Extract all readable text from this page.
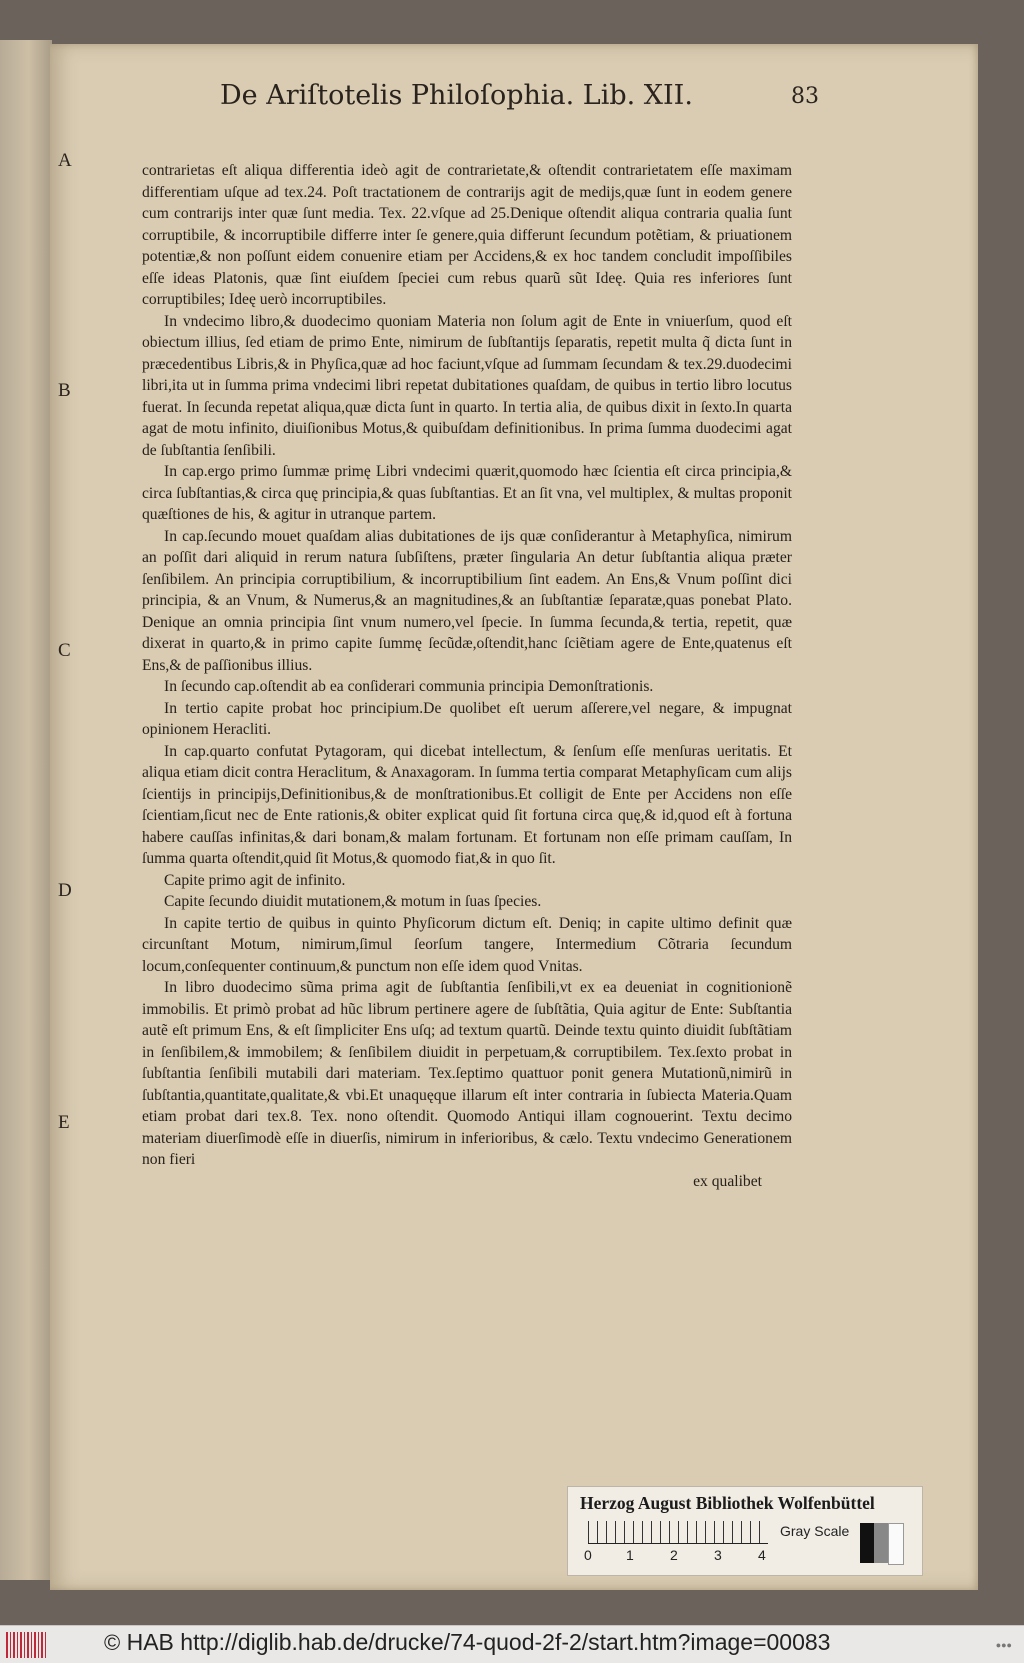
De Ariſtotelis Philoſophia. Lib. XII.	83
A
B
C
D
E

contrarietas eſt aliqua differentia ideò agit de contrarietate,& oſtendit contrarietatem eſſe maximam differentiam uſque ad tex.24. Poſt tractationem de contrarijs agit de medijs,quæ ſunt in eodem genere cum contrarijs inter quæ ſunt media. Tex. 22.vſque ad 25.Denique oſtendit aliqua contraria qualia ſunt corruptibile, & incorruptibile differre inter ſe genere,quia differunt ſecundum potẽtiam, & priuationem potentiæ,& non poſſunt eidem conuenire etiam per Accidens,& ex hoc tandem concludit impoſſibiles eſſe ideas Platonis, quæ ſint eiuſdem ſpeciei cum rebus quarũ sũt Ideę. Quia res inferiores ſunt corruptibiles; Ideę uerò incorruptibiles.

In vndecimo libro,& duodecimo quoniam Materia non ſolum agit de Ente in vniuerſum, quod eſt obiectum illius, ſed etiam de primo Ente, nimirum de ſubſtantijs ſeparatis, repetit multa q̃ dicta ſunt in præcedentibus Libris,& in Phyſica,quæ ad hoc faciunt,vſque ad ſummam ſecundam & tex.29.duodecimi libri,ita ut in ſumma prima vndecimi libri repetat dubitationes quaſdam, de quibus in tertio libro locutus fuerat. In ſecunda repetat aliqua,quæ dicta ſunt in quarto. In tertia alia, de quibus dixit in ſexto.In quarta agat de motu infinito, diuiſionibus Motus,& quibuſdam definitionibus. In prima ſumma duodecimi agat de ſubſtantia ſenſibili.

In cap.ergo primo ſummæ primę Libri vndecimi quærit,quomodo hæc ſcientia eſt circa principia,& circa ſubſtantias,& circa quę principia,& quas ſubſtantias. Et an ſit vna, vel multiplex, & multas proponit quæſtiones de his, & agitur in utranque partem.

In cap.ſecundo mouet quaſdam alias dubitationes de ijs quæ conſiderantur à Metaphyſica, nimirum an poſſit dari aliquid in rerum natura ſubſiſtens, præter ſingularia An detur ſubſtantia aliqua præter ſenſibilem. An principia corruptibilium, & incorruptibilium ſint eadem. An Ens,& Vnum poſſint dici principia, & an Vnum, & Numerus,& an magnitudines,& an ſubſtantiæ ſeparatæ,quas ponebat Plato. Denique an omnia principia ſint vnum numero,vel ſpecie. In ſumma ſecunda,& tertia, repetit, quæ dixerat in quarto,& in primo capite ſummę ſecũdæ,oſtendit,hanc ſciẽtiam agere de Ente,quatenus eſt Ens,& de paſſionibus illius.

In ſecundo cap.oſtendit ab ea conſiderari communia principia Demonſtrationis.

In tertio capite probat hoc principium.De quolibet eſt uerum aſſerere,vel negare, & impugnat opinionem Heracliti.

In cap.quarto confutat Pytagoram, qui dicebat intellectum, & ſenſum eſſe menſuras ueritatis. Et aliqua etiam dicit contra Heraclitum, & Anaxagoram. In ſumma tertia comparat Metaphyſicam cum alijs ſcientijs in principijs,Definitionibus,& de monſtrationibus.Et colligit de Ente per Accidens non eſſe ſcientiam,ſicut nec de Ente rationis,& obiter explicat quid ſit fortuna circa quę,& id,quod eſt à fortuna habere cauſſas infinitas,& dari bonam,& malam fortunam. Et fortunam non eſſe primam cauſſam, In ſumma quarta oſtendit,quid ſit Motus,& quomodo fiat,& in quo ſit.

Capite primo agit de infinito.

Capite ſecundo diuidit mutationem,& motum in ſuas ſpecies.

In capite tertio de quibus in quinto Phyſicorum dictum eſt. Deniq; in capite ultimo definit quæ circunſtant Motum, nimirum,ſimul ſeorſum tangere, Intermedium Cõtraria ſecundum locum,conſequenter continuum,& punctum non eſſe idem quod Vnitas.

In libro duodecimo sũma prima agit de ſubſtantia ſenſibili,vt ex ea deueniat in cognitionionẽ immobilis. Et primò probat ad hũc librum pertinere agere de ſubſtãtia, Quia agitur de Ente: Subſtantia autẽ eſt primum Ens, & eſt ſimpliciter Ens uſq; ad textum quartũ. Deinde textu quinto diuidit ſubſtãtiam in ſenſibilem,& immobilem; & ſenſibilem diuidit in perpetuam,& corruptibilem. Tex.ſexto probat in ſubſtantia ſenſibili mutabili dari materiam. Tex.ſeptimo quattuor ponit genera Mutationũ,nimirũ in ſubſtantia,quantitate,qualitate,& vbi.Et unaquęque illarum eſt inter contraria in ſubiecta Materia.Quam etiam probat dari tex.8. Tex. nono oſtendit. Quomodo Antiqui illam cognouerint. Textu decimo materiam diuerſimodè eſſe in diuerſis, nimirum in inferioribus, & cælo. Textu vndecimo Generationem non fieri

ex qualibet

Herzog August Bibliothek Wolfenbüttel
0 1	2	3	4
Gray Scale
© HAB http://diglib.hab.de/drucke/74-quod-2f-2/start.htm?image=00083	●●●
